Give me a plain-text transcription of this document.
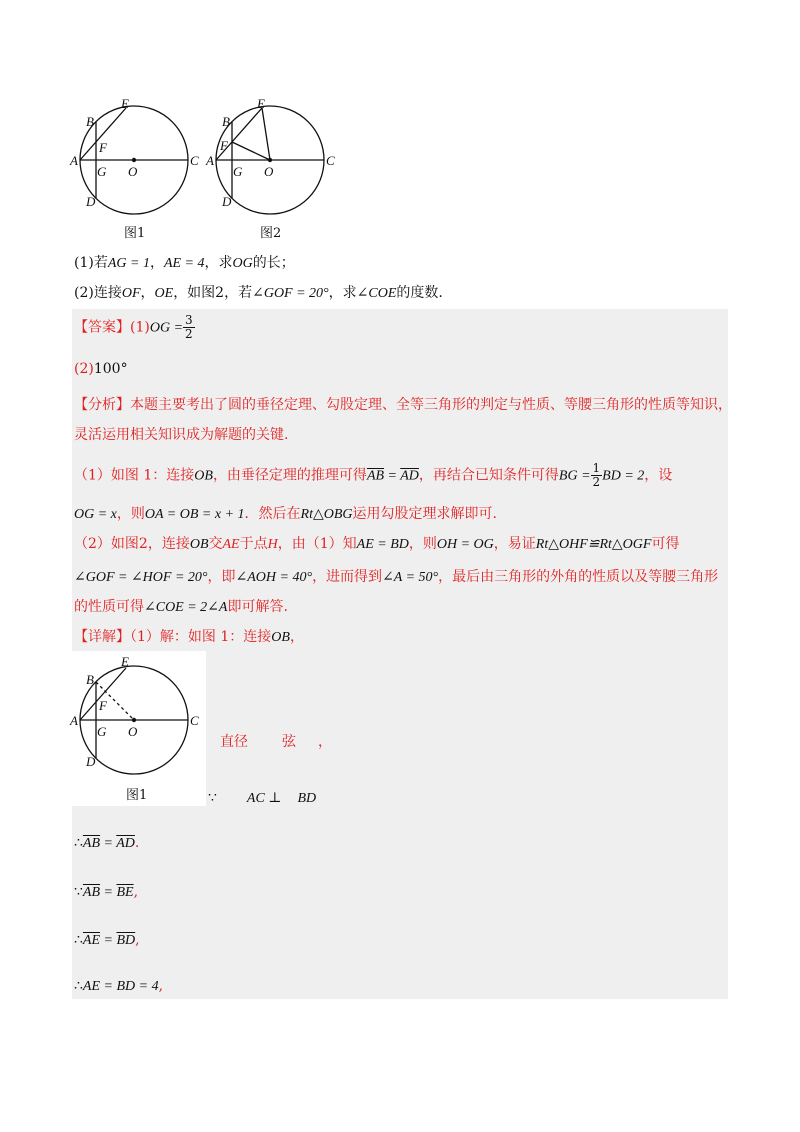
E
B
F
A
G O
C
D
图1
E
B
F
A
G O
C
D
图2
(1)若AG = 1，AE = 4，求OG的长；
(2)连接OF，OE，如图2，若∠GOF = 20°，求∠COE的度数.
【答案】$(1)OG = \frac{3}{2}$
(2)100°
【分析】本题主要考出了圆的垂径定理、勾股定理、全等三角形的判定与性质、等腰三角形的性质等知识，
灵活运用相关知识成为解题的关键.
（1）如图 1：连接OB，由垂径定理的推理可得$\overline{AB} = \overline{AD}$，再结合已知条件可得BG = $\frac{1}{2}$ BD = 2，设
OG = x，则OA = OB = x + 1．然后在Rt△OBG运用勾股定理求解即可.
（2）如图2，连接OB交AE于点H，由（1）知AE = BD，则OH = OG，易证Rt△OHF≌Rt△OGF可得
∠GOF = ∠HOF = 20°，即∠AOH = 40°，进而得到∠A = 50°，最后由三角形的外角的性质以及等腰三角形
的性质可得∠COE = 2∠A即可解答.
【详解】（1）解：如图 1：连接OB，
E
B
F
A
G O
C
D
图1
直径 弦 ，
∵ AC ⊥ BD
$\therefore\overline{AB} = \overline{AD}$.
$\because\overline{AB} = \overline{BE}$,
$\therefore\overline{AE} = \overline{BD}$,
∴AE = BD = 4,
